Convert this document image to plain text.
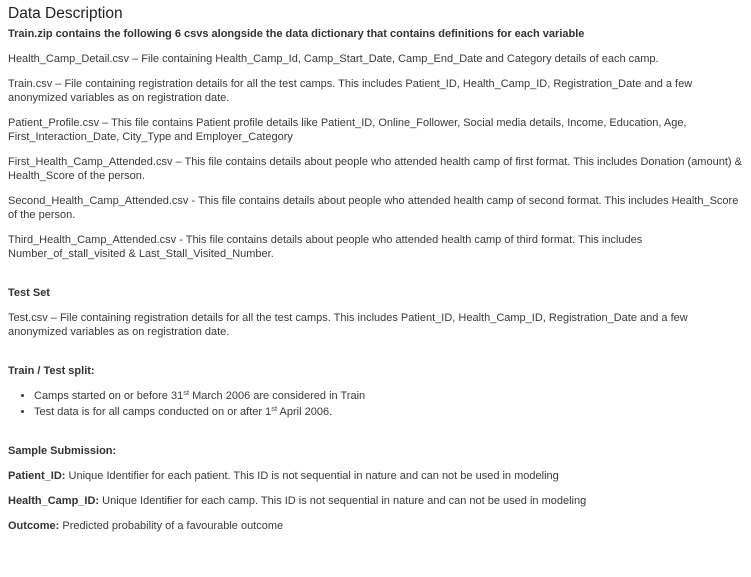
Data Description

Train.zip contains the following 6 csvs alongside the data dictionary that contains definitions for each variable

Health_Camp_Detail.csv – File containing Health_Camp_Id, Camp_Start_Date, Camp_End_Date and Category details of each camp.

Train.csv – File containing registration details for all the test camps. This includes Patient_ID, Health_Camp_ID, Registration_Date and a few anonymized variables as on registration date.

Patient_Profile.csv – This file contains Patient profile details like Patient_ID, Online_Follower, Social media details, Income, Education, Age, First_Interaction_Date, City_Type and Employer_Category

First_Health_Camp_Attended.csv – This file contains details about people who attended health camp of first format. This includes Donation (amount) & Health_Score of the person.

Second_Health_Camp_Attended.csv - This file contains details about people who attended health camp of second format. This includes Health_Score of the person.

Third_Health_Camp_Attended.csv - This file contains details about people who attended health camp of third format. This includes Number_of_stall_visited & Last_Stall_Visited_Number.

Test Set

Test.csv – File containing registration details for all the test camps. This includes Patient_ID, Health_Camp_ID, Registration_Date and a few anonymized variables as on registration date.

Train / Test split:

• Camps started on or before 31st March 2006 are considered in Train
• Test data is for all camps conducted on or after 1st April 2006.

Sample Submission:

Patient_ID: Unique Identifier for each patient. This ID is not sequential in nature and can not be used in modeling

Health_Camp_ID: Unique Identifier for each camp. This ID is not sequential in nature and can not be used in modeling

Outcome: Predicted probability of a favourable outcome
